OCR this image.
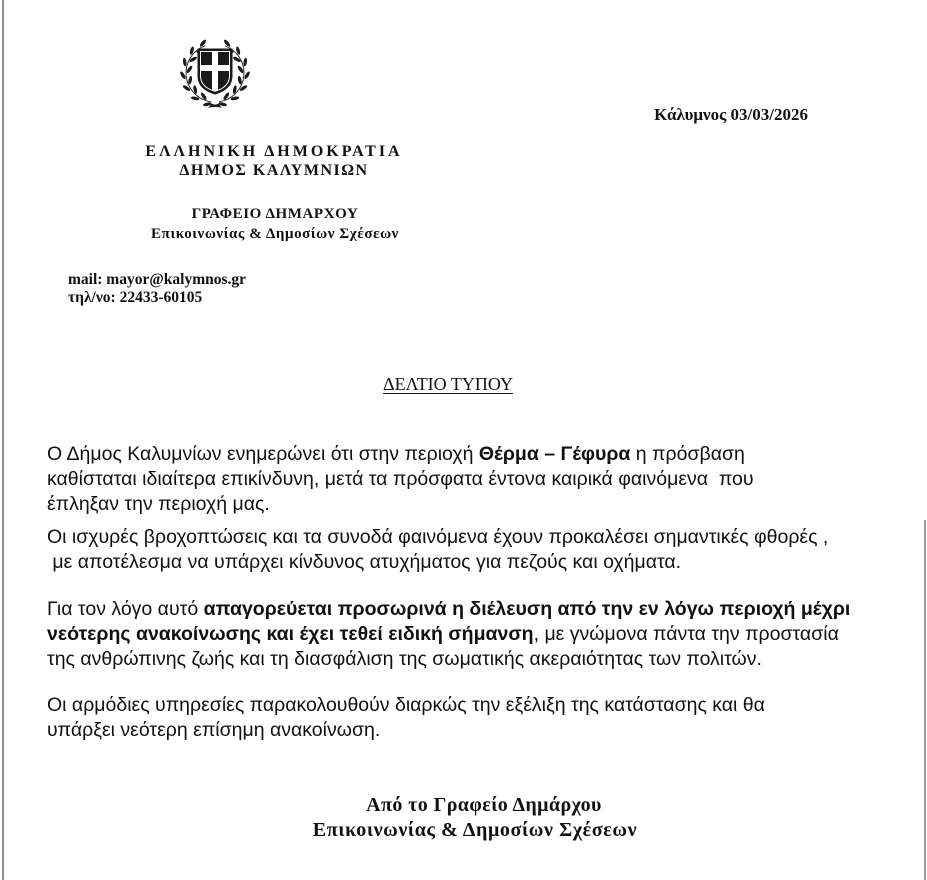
Κάλυμνος 03/03/2026
ΕΛΛΗΝΙΚΗ ΔΗΜΟΚΡΑΤΙΑ
ΔΗΜΟΣ ΚΑΛΥΜΝΙΩΝ
ΓΡΑΦΕΙΟ ΔΗΜΑΡΧΟΥ
Επικοινωνίας & Δημοσίων Σχέσεων
mail: mayor@kalymnos.gr
τηλ/νο: 22433-60105
ΔΕΛΤΙΟ ΤΥΠΟΥ
Ο Δήμος Καλυμνίων ενημερώνει ότι στην περιοχή Θέρμα – Γέφυρα η πρόσβαση
καθίσταται ιδιαίτερα επικίνδυνη, μετά τα πρόσφατα έντονα καιρικά φαινόμενα  που
έπληξαν την περιοχή μας.
Οι ισχυρές βροχοπτώσεις και τα συνοδά φαινόμενα έχουν προκαλέσει σημαντικές φθορές ,
με αποτέλεσμα να υπάρχει κίνδυνος ατυχήματος για πεζούς και οχήματα.
Για τον λόγο αυτό απαγορεύεται προσωρινά η διέλευση από την εν λόγω περιοχή μέχρι
νεότερης ανακοίνωσης και έχει τεθεί ειδική σήμανση, με γνώμονα πάντα την προστασία
της ανθρώπινης ζωής και τη διασφάλιση της σωματικής ακεραιότητας των πολιτών.
Οι αρμόδιες υπηρεσίες παρακολουθούν διαρκώς την εξέλιξη της κατάστασης και θα
υπάρξει νεότερη επίσημη ανακοίνωση.
Από το Γραφείο Δημάρχου
Επικοινωνίας & Δημοσίων Σχέσεων
